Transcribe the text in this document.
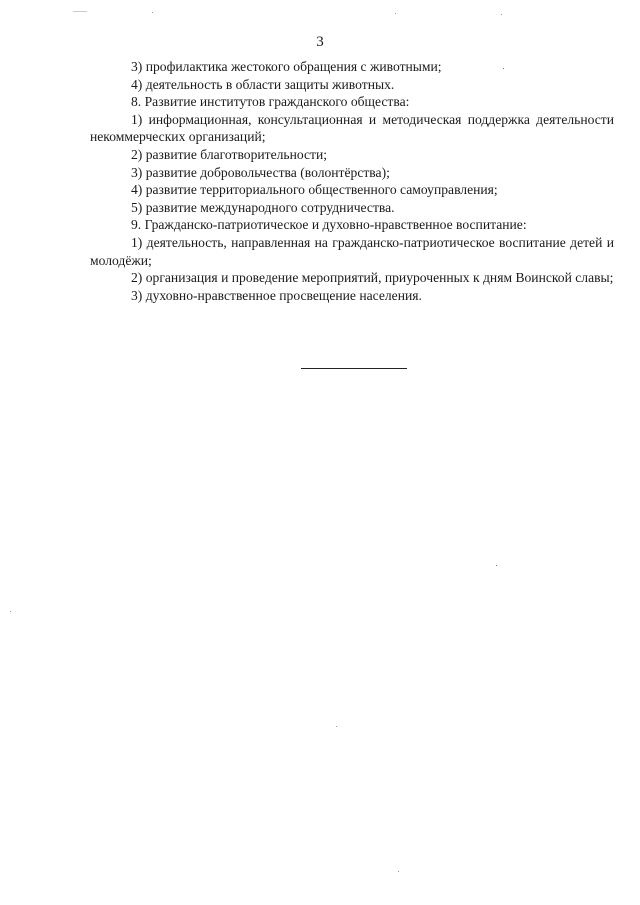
3

3) профилактика жестокого обращения с животными;

4) деятельность в области защиты животных.

8. Развитие институтов гражданского общества:

1) информационная, консультационная и методическая поддержка деятельности некоммерческих организаций;

2) развитие благотворительности;

3) развитие добровольчества (волонтёрства);

4) развитие территориального общественного самоуправления;

5) развитие международного сотрудничества.

9. Гражданско-патриотическое и духовно-нравственное воспитание:

1) деятельность, направленная на гражданско-патриотическое воспитание детей и молодёжи;

2) организация и проведение мероприятий, приуроченных к дням Воинской славы;

3) духовно-нравственное просвещение населения.
